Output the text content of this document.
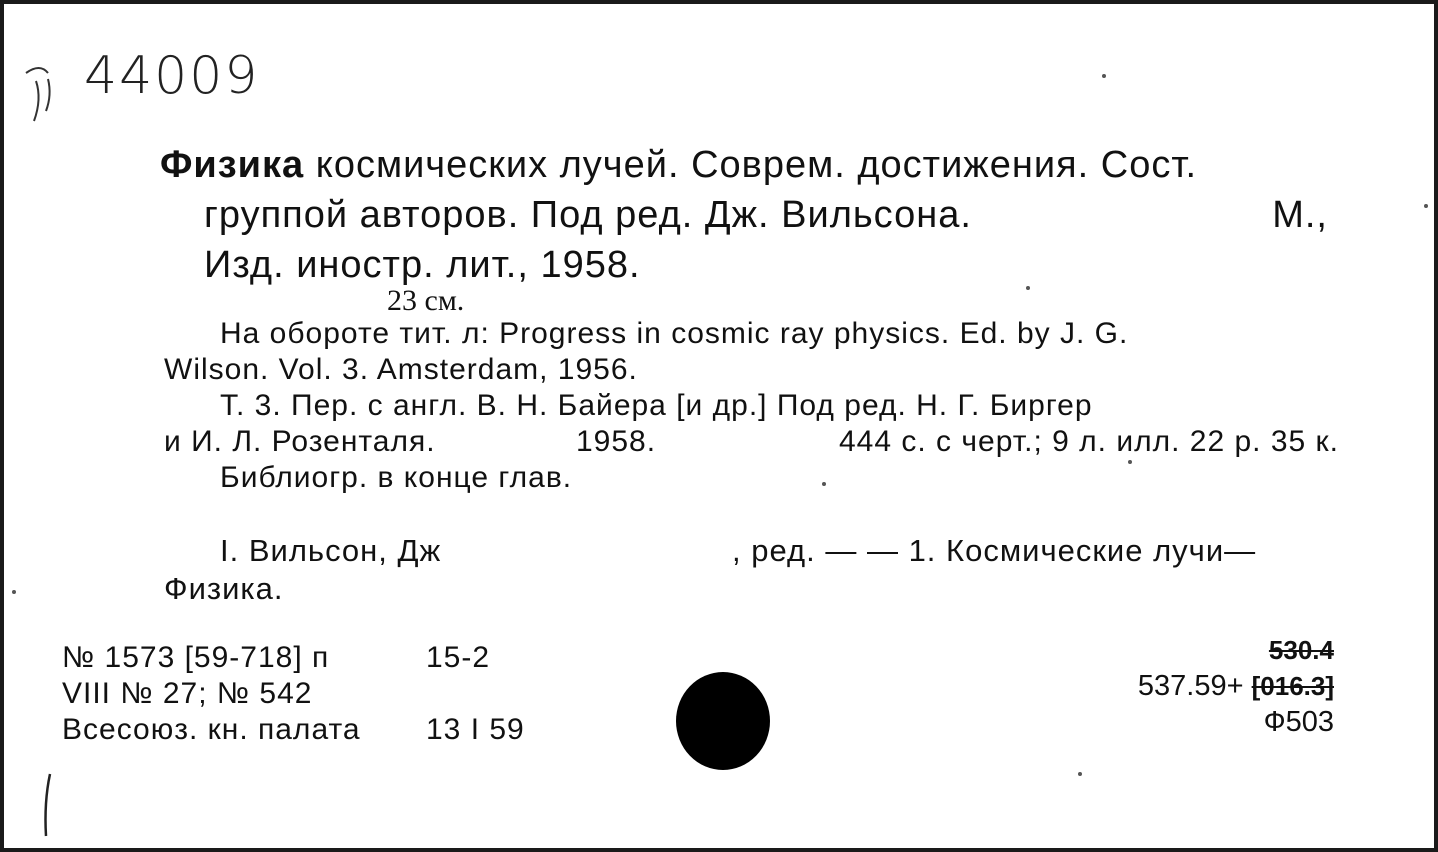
44009
Физика космических лучей. Соврем. достижения. Сост.
группой авторов. Под ред. Дж. Вильсона.	М.,
Изд. иностр. лит., 1958.
23 см.
На обороте тит. л: Progress in cosmic ray physics. Ed. by J. G.
Wilson. Vol. 3. Amsterdam, 1956.
Т. 3. Пер. с англ. В. Н. Байера [и др.] Под ред. Н. Г. Биргер
и И. Л. Розенталя.	1958.	444 с. с черт.; 9 л. илл. 22 р. 35 к.
Библиогр. в конце глав.
I. Вильсон, Дж	, ред. — — 1. Космические лучи—
Физика.
№ 1573 [59-718] п	15-2
VIII № 27; № 542
Всесоюз. кн. палата 13 I 59
530.4
537.59+ [016.3]
Ф503
